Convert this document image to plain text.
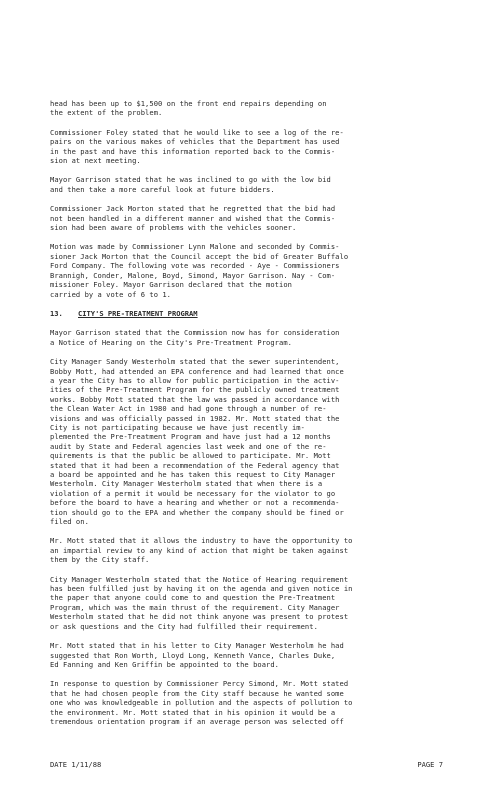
head has been up to $1,500 on the front end repairs depending on
the extent of the problem.

Commissioner Foley stated that he would like to see a log of the re-
pairs on the various makes of vehicles that the Department has used
in the past and have this information reported back to the Commis-
sion at next meeting.

Mayor Garrison stated that he was inclined to go with the low bid
and then take a more careful look at future bidders.

Commissioner Jack Morton stated that he regretted that the bid had
not been handled in a different manner and wished that the Commis-
sion had been aware of problems with the vehicles sooner.

Motion was made by Commissioner Lynn Malone and seconded by Commis-
sioner Jack Morton that the Council accept the bid of Greater Buffalo
Ford Company. The following vote was recorded - Aye - Commissioners
Brannigh, Conder, Malone, Boyd, Simond, Mayor Garrison. Nay - Com-
missioner Foley. Mayor Garrison declared that the motion
carried by a vote of 6 to 1.

13. CITY'S PRE-TREATMENT PROGRAM

Mayor Garrison stated that the Commission now has for consideration
a Notice of Hearing on the City's Pre-Treatment Program.

City Manager Sandy Westerholm stated that the sewer superintendent,
Bobby Mott, had attended an EPA conference and had learned that once
a year the City has to allow for public participation in the activ-
ities of the Pre-Treatment Program for the publicly owned treatment
works. Bobby Mott stated that the law was passed in accordance with
the Clean Water Act in 1980 and had gone through a number of re-
visions and was officially passed in 1982. Mr. Mott stated that the
City is not participating because we have just recently im-
plemented the Pre-Treatment Program and have just had a 12 months
audit by State and Federal agencies last week and one of the re-
quirements is that the public be allowed to participate. Mr. Mott
stated that it had been a recommendation of the Federal agency that
a board be appointed and he has taken this request to City Manager
Westerholm. City Manager Westerholm stated that when there is a
violation of a permit it would be necessary for the violator to go
before the board to have a hearing and whether or not a recommenda-
tion should go to the EPA and whether the company should be fined or
filed on.

Mr. Mott stated that it allows the industry to have the opportunity to
an impartial review to any kind of action that might be taken against
them by the City staff.

City Manager Westerholm stated that the Notice of Hearing requirement
has been fulfilled just by having it on the agenda and given notice in
the paper that anyone could come to and question the Pre-Treatment
Program, which was the main thrust of the requirement. City Manager
Westerholm stated that he did not think anyone was present to protest
or ask questions and the City had fulfilled their requirement.

Mr. Mott stated that in his letter to City Manager Westerholm he had
suggested that Ron Worth, Lloyd Long, Kenneth Vance, Charles Duke,
Ed Fanning and Ken Griffin be appointed to the board.

In response to question by Commissioner Percy Simond, Mr. Mott stated
that he had chosen people from the City staff because he wanted some
one who was knowledgeable in pollution and the aspects of pollution to
the environment. Mr. Mott stated that in his opinion it would be a
tremendous orientation program if an average person was selected off

DATE 1/11/88	PAGE 7
